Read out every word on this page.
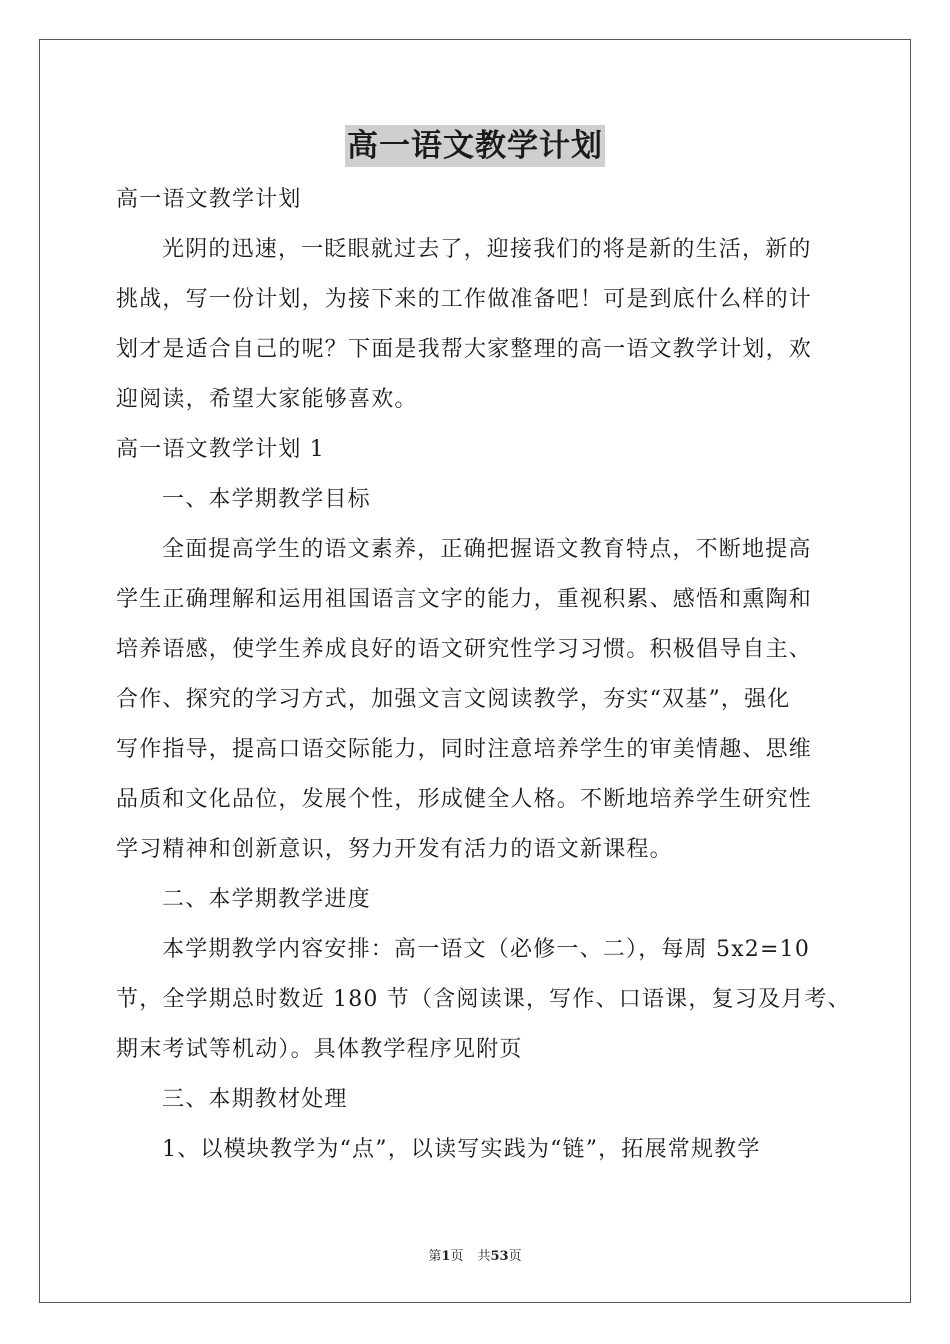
高一语文教学计划
高一语文教学计划
光阴的迅速，一眨眼就过去了，迎接我们的将是新的生活，新的
挑战，写一份计划，为接下来的工作做准备吧！可是到底什么样的计
划才是适合自己的呢？下面是我帮大家整理的高一语文教学计划，欢
迎阅读，希望大家能够喜欢。
高一语文教学计划 1
一、本学期教学目标
全面提高学生的语文素养，正确把握语文教育特点，不断地提高
学生正确理解和运用祖国语言文字的能力，重视积累、感悟和熏陶和
培养语感，使学生养成良好的语文研究性学习习惯。积极倡导自主、
合作、探究的学习方式，加强文言文阅读教学，夯实“双基”，强化
写作指导，提高口语交际能力，同时注意培养学生的审美情趣、思维
品质和文化品位，发展个性，形成健全人格。不断地培养学生研究性
学习精神和创新意识，努力开发有活力的语文新课程。
二、本学期教学进度
本学期教学内容安排：高一语文（必修一、二），每周 5x2=10
节，全学期总时数近 180 节（含阅读课，写作、口语课，复习及月考、
期末考试等机动）。具体教学程序见附页
三、本期教材处理
1、以模块教学为“点”，以读写实践为“链”，拓展常规教学
第1页 共53页
